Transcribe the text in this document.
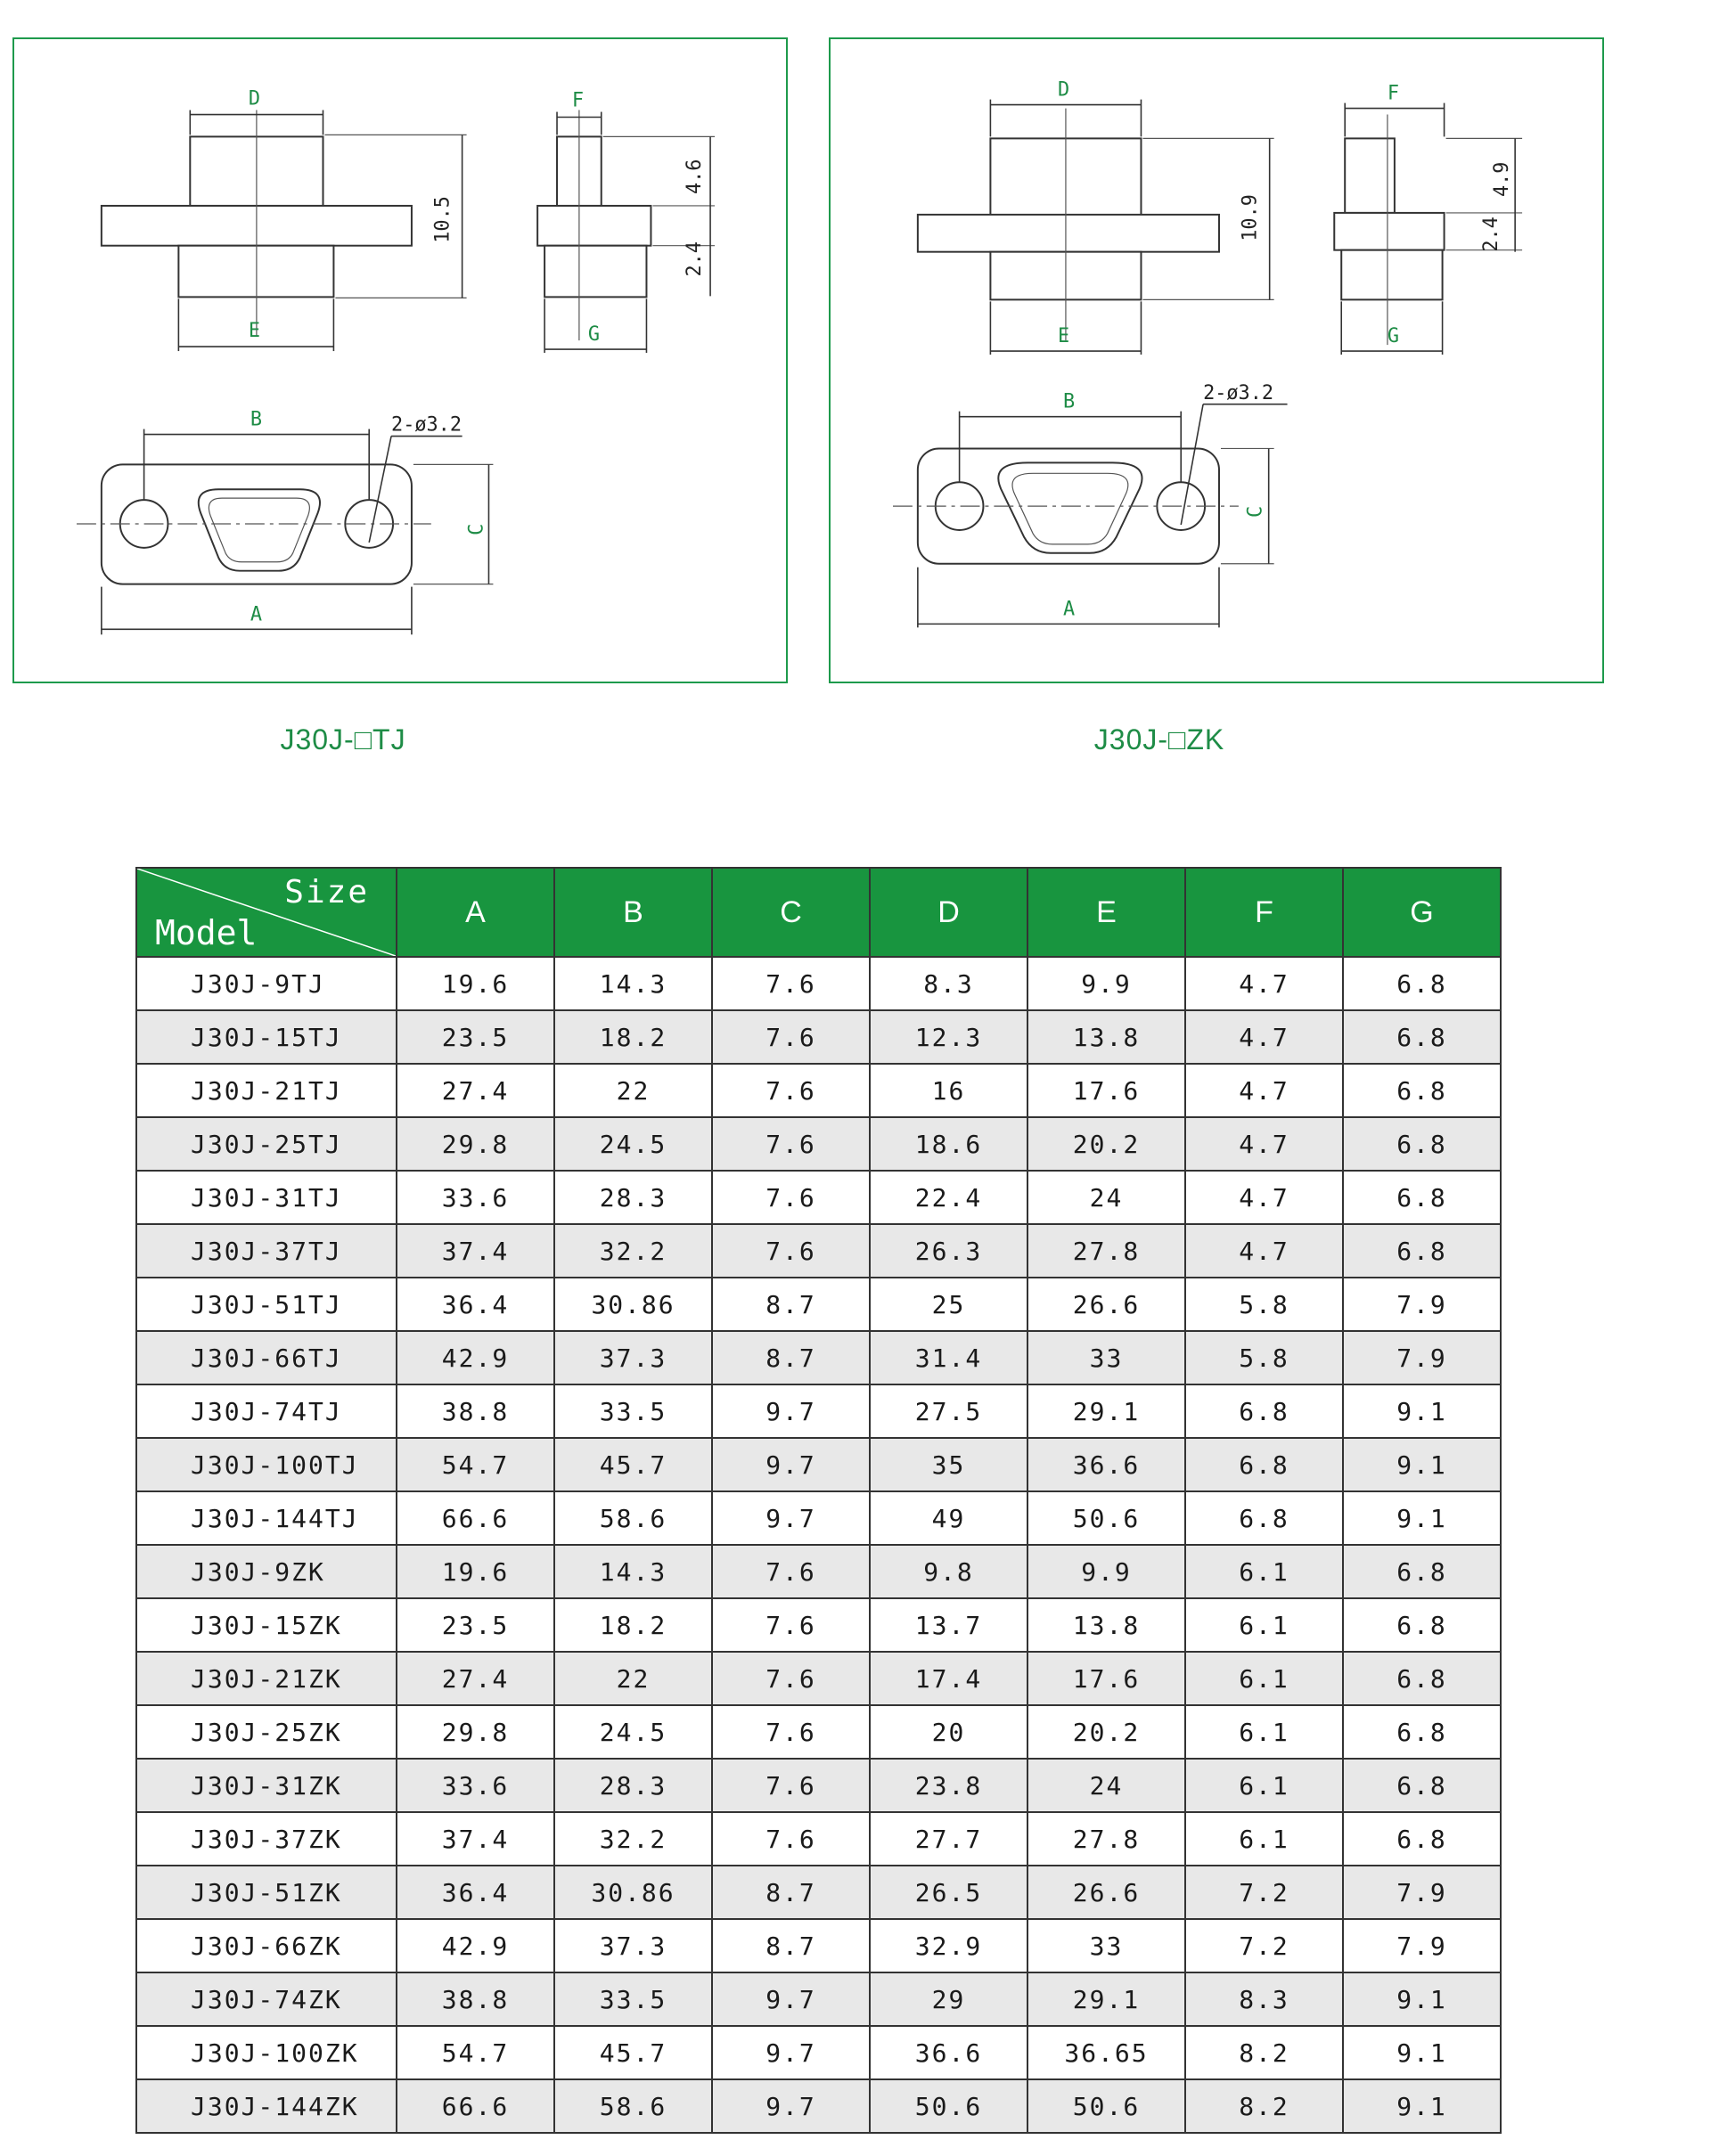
D
E
10.5
F
G
4.6
2.4
B
A
C
2-ø3.2
D
E
10.9
F
G
4.9
2.4
B
A
C
2-ø3.2
J30J-□TJ	J30J-□ZK
Size
Model	A	B	C	D	E	F	G
J30J-9TJ	19.6	14.3	7.6	8.3	9.9	4.7	6.8
J30J-15TJ	23.5	18.2	7.6	12.3	13.8	4.7	6.8
J30J-21TJ	27.4	22	7.6	16	17.6	4.7	6.8
J30J-25TJ	29.8	24.5	7.6	18.6	20.2	4.7	6.8
J30J-31TJ	33.6	28.3	7.6	22.4	24	4.7	6.8
J30J-37TJ	37.4	32.2	7.6	26.3	27.8	4.7	6.8
J30J-51TJ	36.4	30.86	8.7	25	26.6	5.8	7.9
J30J-66TJ	42.9	37.3	8.7	31.4	33	5.8	7.9
J30J-74TJ	38.8	33.5	9.7	27.5	29.1	6.8	9.1
J30J-100TJ	54.7	45.7	9.7	35	36.6	6.8	9.1
J30J-144TJ	66.6	58.6	9.7	49	50.6	6.8	9.1
J30J-9ZK	19.6	14.3	7.6	9.8	9.9	6.1	6.8
J30J-15ZK	23.5	18.2	7.6	13.7	13.8	6.1	6.8
J30J-21ZK	27.4	22	7.6	17.4	17.6	6.1	6.8
J30J-25ZK	29.8	24.5	7.6	20	20.2	6.1	6.8
J30J-31ZK	33.6	28.3	7.6	23.8	24	6.1	6.8
J30J-37ZK	37.4	32.2	7.6	27.7	27.8	6.1	6.8
J30J-51ZK	36.4	30.86	8.7	26.5	26.6	7.2	7.9
J30J-66ZK	42.9	37.3	8.7	32.9	33	7.2	7.9
J30J-74ZK	38.8	33.5	9.7	29	29.1	8.3	9.1
J30J-100ZK	54.7	45.7	9.7	36.6	36.65	8.2	9.1
J30J-144ZK	66.6	58.6	9.7	50.6	50.6	8.2	9.1
